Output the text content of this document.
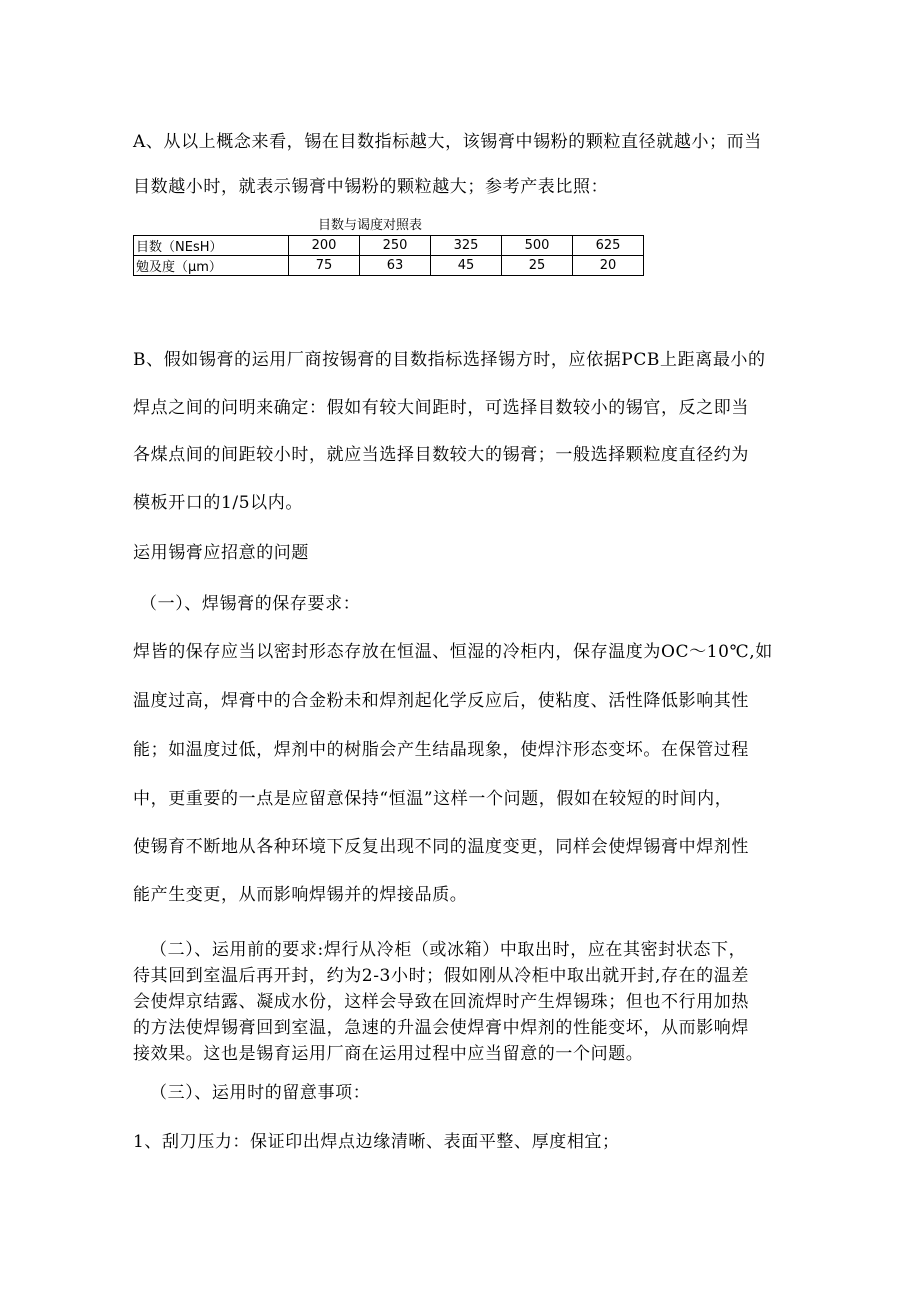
A、从以上概念来看，锡在目数指标越大，该锡膏中锡粉的颗粒直径就越小；而当
目数越小时，就表示锡膏中锡粉的颗粒越大；参考产表比照：
目数与谒度对照表
目数（NEsH）	200	250	325	500	625
勉及度（μm）	75	63	45	25	20
B、假如锡膏的运用厂商按锡膏的目数指标选择锡方时，应依据PCB上距离最小的
焊点之间的问明来确定：假如有较大间距时，可选择目数较小的锡官，反之即当
各煤点间的间距较小时，就应当选择目数较大的锡膏；一般选择颗粒度直径约为
模板开口的1/5以内。
运用锡膏应招意的问题
（一）、焊锡膏的保存要求：
焊皆的保存应当以密封形态存放在恒温、恒湿的冷柜内，保存温度为OC～10℃,如
温度过高，焊膏中的合金粉未和焊剂起化学反应后，使粘度、活性降低影响其性
能；如温度过低，焊剂中的树脂会产生结晶现象，使焊汴形态变坏。在保管过程
中，更重要的一点是应留意保持“恒温”这样一个问题，假如在较短的时间内，
使锡育不断地从各种环境下反复出现不同的温度变更，同样会使焊锡膏中焊剂性
能产生变更，从而影响焊锡并的焊接品质。
（二）、运用前的要求:焊行从冷柜（或冰箱）中取出时，应在其密封状态下，
待其回到室温后再开封，约为2-3小时；假如刚从冷柜中取出就开封,存在的温差
会使焊京结露、凝成水份，这样会导致在回流焊时产生焊锡珠；但也不行用加热
的方法使焊锡膏回到室温，急速的升温会使焊膏中焊剂的性能变坏，从而影响焊
接效果。这也是锡育运用厂商在运用过程中应当留意的一个问题。
（三）、运用时的留意事项：
1、刮刀压力：保证印出焊点边缘清晰、表面平整、厚度相宜；
